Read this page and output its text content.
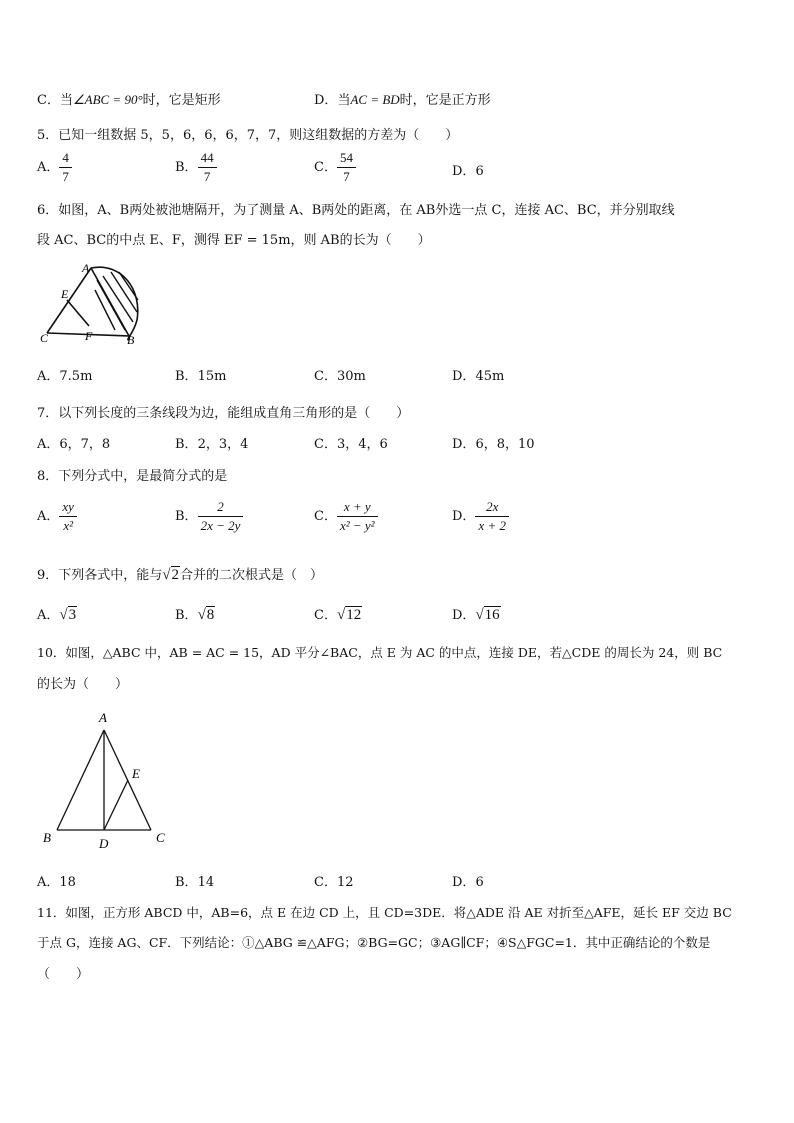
C．当∠ABC = 90°时，它是矩形	D．当AC = BD时，它是正方形
5．已知一组数据 5，5，6，6，6，7，7，则这组数据的方差为（　　）
A． $\frac{4}{7}$	B． $\frac{44}{7}$	C． $\frac{54}{7}$	D．6
6．如图，A、B两处被池塘隔开，为了测量 A、B两处的距离，在 AB外选一点 C，连接 AC、BC，并分别取线
段 AC、BC的中点 E、F，测得 EF = 15m，则 AB的长为（　　）
A
E
C	F	B
A．7.5m	B．15m	C．30m	D．45m
7．以下列长度的三条线段为边，能组成直角三角形的是（　　）
A．6，7，8	B．2，3，4	C．3，4，6	D．6，8，10
8．下列分式中，是最简分式的是
A． $\frac{xy}{\text{x²}}$	B． $\frac{2}{2x - 2y}$	C． $\frac{x + y}{\text{x² − y²}}$	D． $\frac{2x}{x + 2}$
9．下列各式中，能与√2合并的二次根式是（　）
A．√3	B．√8	C．√12	D．√16
10．如图，△ABC 中，AB = AC = 15，AD 平分∠BAC，点 E 为 AC 的中点，连接 DE，若△CDE 的周长为 24，则 BC
的长为（　　）
A
B	C
D
E
A．18	B．14	C．12	D．6
11．如图，正方形 ABCD 中，AB=6，点 E 在边 CD 上，且 CD=3DE．将△ADE 沿 AE 对折至△AFE，延长 EF 交边 BC
于点 G，连接 AG、CF．下列结论：①△ABG ≌△AFG；②BG=GC；③AG∥CF；④S△FGC=1．其中正确结论的个数是
（　　）
